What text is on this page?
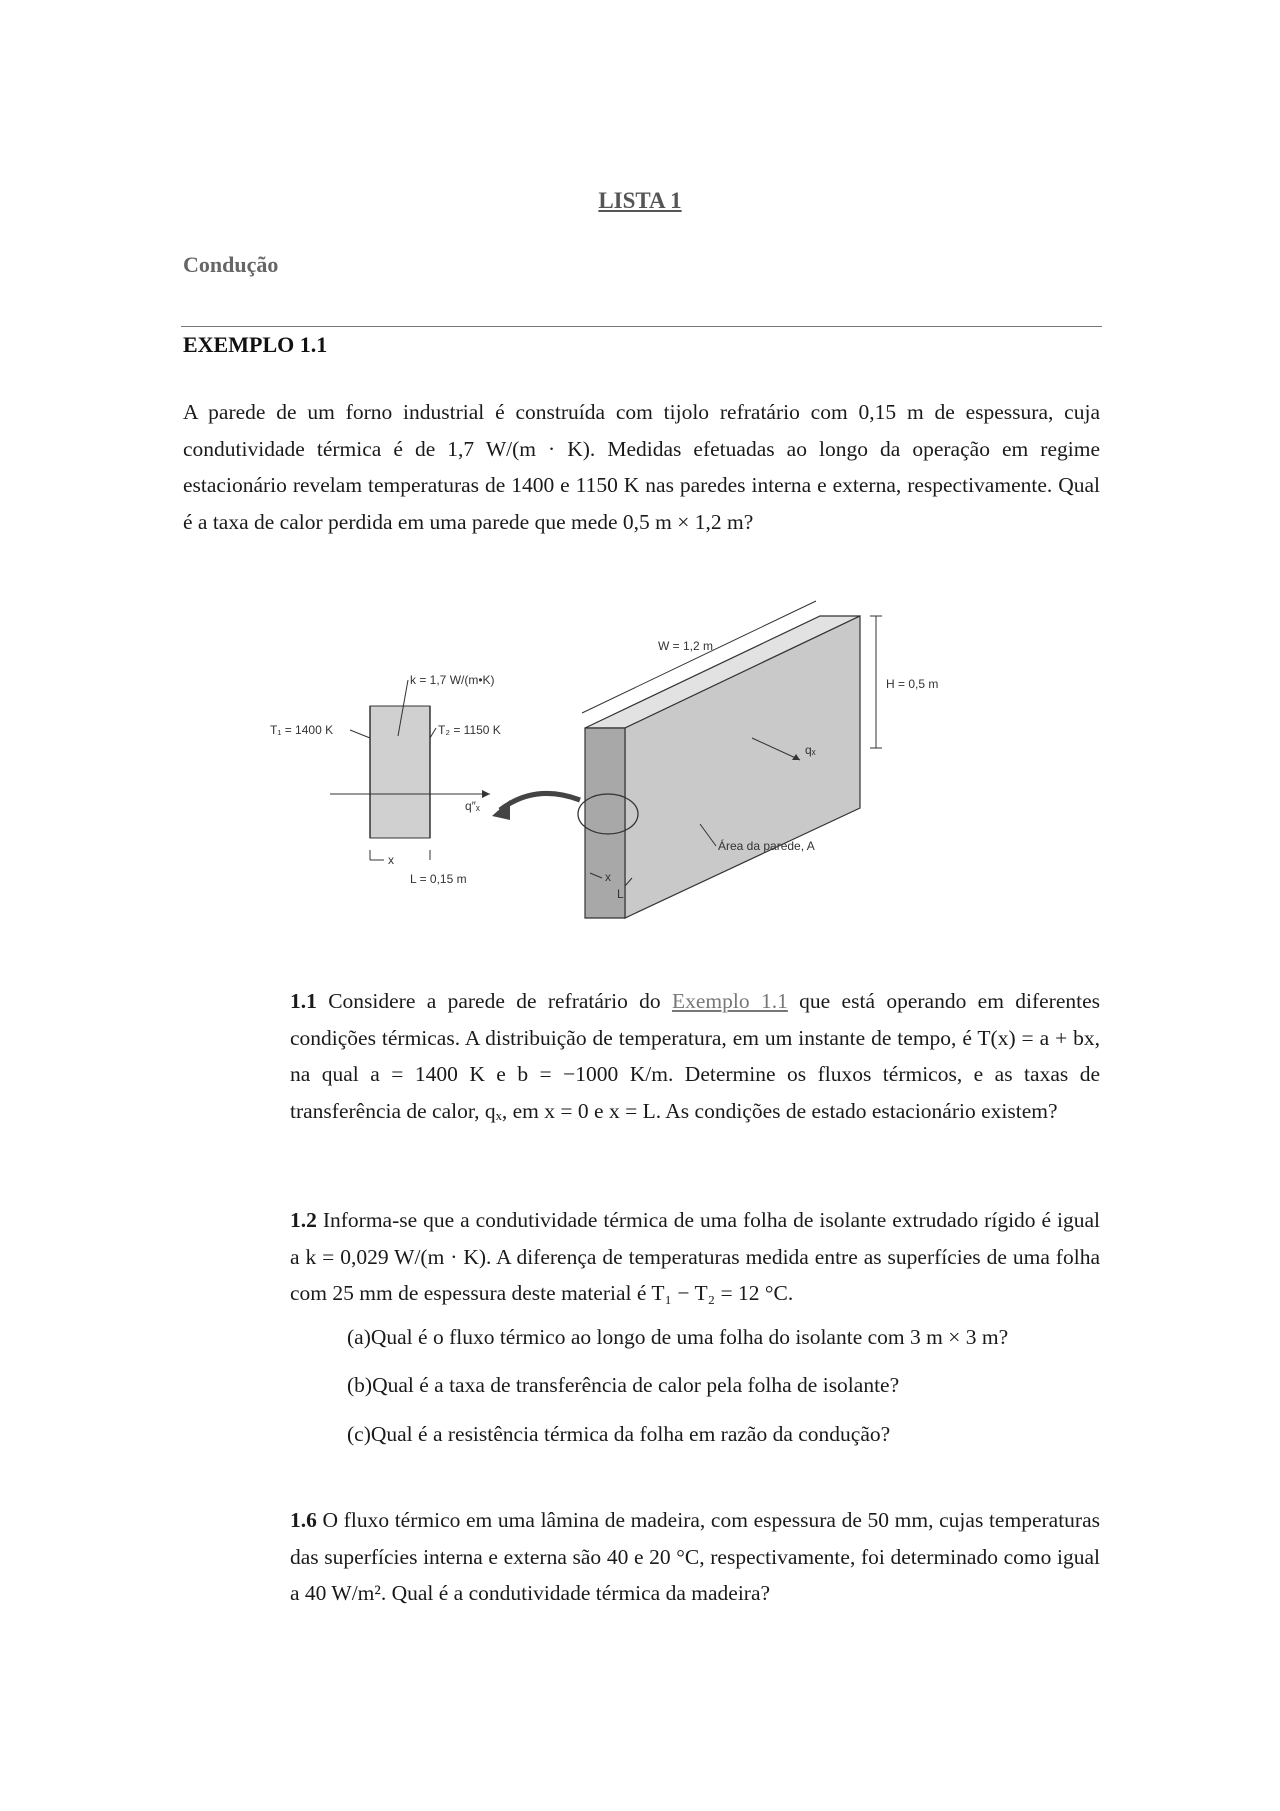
LISTA 1
Condução
EXEMPLO 1.1
A parede de um forno industrial é construída com tijolo refratário com 0,15 m de espessura, cuja condutividade térmica é de 1,7 W/(m · K). Medidas efetuadas ao longo da operação em regime estacionário revelam temperaturas de 1400 e 1150 K nas paredes interna e externa, respectivamente. Qual é a taxa de calor perdida em uma parede que mede 0,5 m × 1,2 m?
W = 1,2 m
H = 0,5 m
qₓ
Área da parede, A
x
L
q″ₓ
k = 1,7 W/(m•K)
T₁ = 1400 K	T₂ = 1150 K
x
L = 0,15 m
1.1 Considere a parede de refratário do Exemplo 1.1 que está operando em diferentes condições térmicas. A distribuição de temperatura, em um instante de tempo, é T(x) = a + bx, na qual a = 1400 K e b = −1000 K/m. Determine os fluxos térmicos, e as taxas de transferência de calor, qₓ, em x = 0 e x = L. As condições de estado estacionário existem?
1.2 Informa-se que a condutividade térmica de uma folha de isolante extrudado rígido é igual a k = 0,029 W/(m · K). A diferença de temperaturas medida entre as superfícies de uma folha com 25 mm de espessura deste material é T₁ − T₂ = 12 °C.
(a)Qual é o fluxo térmico ao longo de uma folha do isolante com 3 m × 3 m?
(b)Qual é a taxa de transferência de calor pela folha de isolante?
(c)Qual é a resistência térmica da folha em razão da condução?
1.6 O fluxo térmico em uma lâmina de madeira, com espessura de 50 mm, cujas temperaturas das superfícies interna e externa são 40 e 20 °C, respectivamente, foi determinado como igual a 40 W/m². Qual é a condutividade térmica da madeira?
